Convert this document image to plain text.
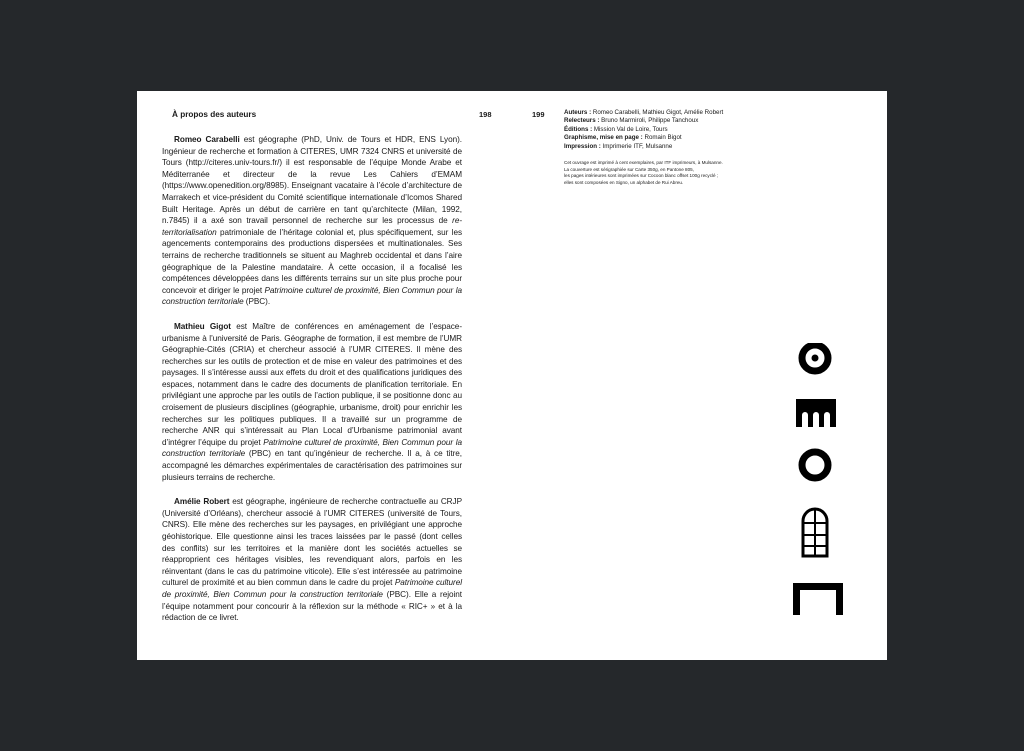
À propos des auteurs

Romeo Carabelli est géographe (PhD, Univ. de Tours et HDR, ENS Lyon). Ingénieur de recherche et formation à CITERES, UMR 7324 CNRS et université de Tours (http://citeres.univ-tours.fr/) il est responsable de l’équipe Monde Arabe et Méditerranée et directeur de la revue Les Cahiers d’EMAM (https://www.openedition.org/8985). Enseignant vacataire à l’école d’architecture de Marrakech et vice-président du Comité scientifique internationale d’Icomos Shared Built Heritage. Après un début de carrière en tant qu’architecte (Milan, 1992, n.7845) il a axé son travail personnel de recherche sur les processus de re-territorialisation patrimoniale de l’héritage colonial et, plus spécifiquement, sur les agencements contemporains des productions dispersées et multinationales. Ses terrains de recherche traditionnels se situent au Maghreb occidental et dans l’aire géographique de la Palestine mandataire. À cette occasion, il a focalisé les compétences développées dans les différents terrains sur un site plus proche pour concevoir et diriger le projet Patrimoine culturel de proximité, Bien Commun pour la construction territoriale (PBC).

Mathieu Gigot est Maître de conférences en aménagement de l’espace-urbanisme à l’université de Paris. Géographe de formation, il est membre de l’UMR Géographie-Cités (CRIA) et chercheur associé à l’UMR CITERES. Il mène des recherches sur les outils de protection et de mise en valeur des patrimoines et des paysages. Il s’intéresse aussi aux effets du droit et des qualifications juridiques des espaces, notamment dans le cadre des documents de planification territoriale. En privilégiant une approche par les outils de l’action publique, il se positionne donc au croisement de plusieurs disciplines (géographie, urbanisme, droit) pour enrichir les recherches sur les politiques publiques. Il a travaillé sur un programme de recherche ANR qui s’intéressait au Plan Local d’Urbanisme patrimonial avant d’intégrer l’équipe du projet Patrimoine culturel de proximité, Bien Commun pour la construction territoriale (PBC) en tant qu’ingénieur de recherche. Il a, à ce titre, accompagné les démarches expérimentales de caractérisation des patrimoines sur plusieurs terrains de recherche.

Amélie Robert est géographe, ingénieure de recherche contractuelle au CRJP (Université d’Orléans), chercheur associé à l’UMR CITERES (université de Tours, CNRS). Elle mène des recherches sur les paysages, en privilégiant une approche géohistorique. Elle questionne ainsi les traces laissées par le passé (dont celles des conflits) sur les territoires et la manière dont les sociétés actuelles se réapproprient ces héritages visibles, les revendiquant alors, parfois en les réinventant (dans le cas du patrimoine viticole). Elle s’est intéressée au patrimoine culturel de proximité et au bien commun dans le cadre du projet Patrimoine culturel de proximité, Bien Commun pour la construction territoriale (PBC). Elle a rejoint l’équipe notamment pour concourir à la réflexion sur la méthode « RIC+ » et à la rédaction de ce livret.

198	199	Auteurs : Romeo Carabelli, Mathieu Gigot, Amélie Robert

Relecteurs : Bruno Marmiroli, Philippe Tanchoux

Éditions : Mission Val de Loire, Tours

Graphisme, mise en page : Romain Bigot

Impression : Imprimerie ITF, Mulsanne

Cet ouvrage est imprimé à cent exemplaires, par ITF imprimeurs, à Mulsanne.

La couverture est sérigraphiée sur Carte 350g, en Pantone 805,

les pages intérieures sont imprimées sur Cocoon blanc offset 100g recyclé ;

elles sont composées en Signo, un alphabet de Rui Abreu.
